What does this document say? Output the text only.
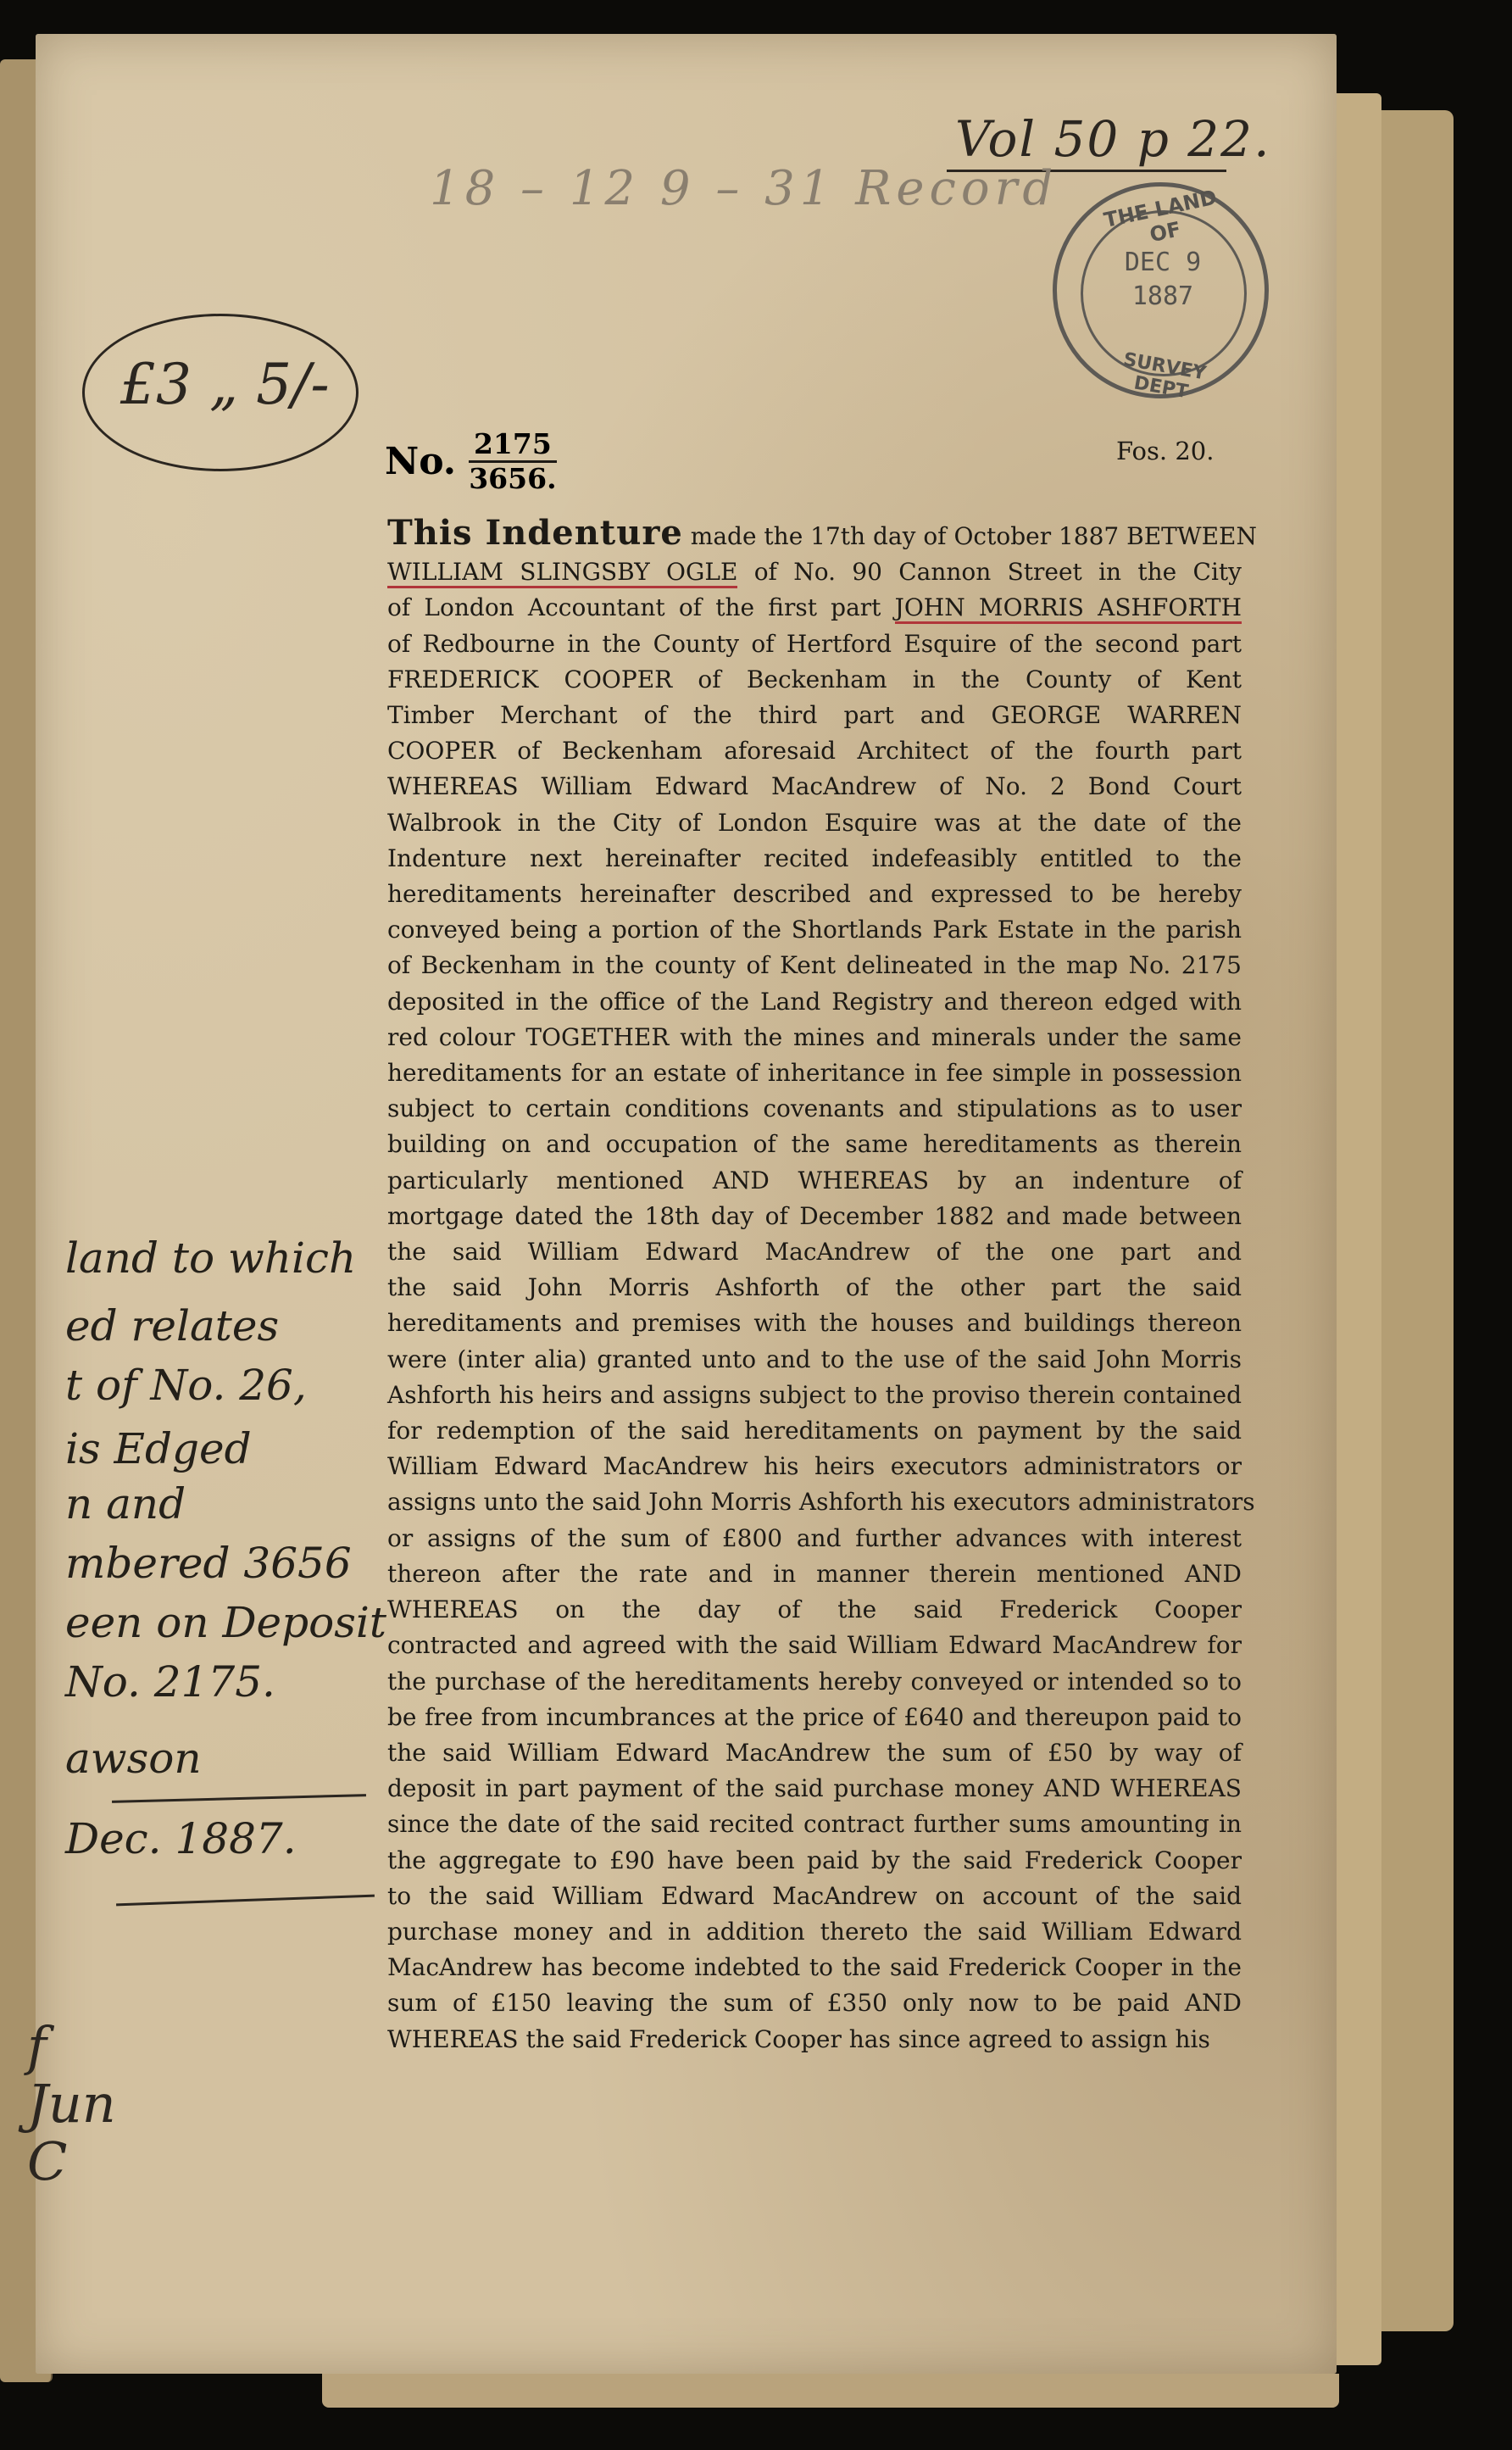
Vol 50 p 22.
18 – 12 9 – 31 Record
£3 „ 5/-
THE LAND OF
DEC 9
1887
SURVEY DEPT
No. $\frac{2175}{3656.}$	Fos. 20.
This Indenture made the 17th day of October 1887 BETWEEN
WILLIAM SLINGSBY OGLE of No. 90 Cannon Street in the City
of London Accountant of the first part JOHN MORRIS ASHFORTH
of Redbourne in the County of Hertford Esquire of the second part
FREDERICK COOPER of Beckenham in the County of Kent
Timber Merchant of the third part and GEORGE WARREN
COOPER of Beckenham aforesaid Architect of the fourth part
WHEREAS William Edward MacAndrew of No. 2 Bond Court
Walbrook in the City of London Esquire was at the date of the
Indenture next hereinafter recited indefeasibly entitled to the
hereditaments hereinafter described and expressed to be hereby
conveyed being a portion of the Shortlands Park Estate in the parish
of Beckenham in the county of Kent delineated in the map No. 2175
deposited in the office of the Land Registry and thereon edged with
red colour TOGETHER with the mines and minerals under the same
hereditaments for an estate of inheritance in fee simple in possession
subject to certain conditions covenants and stipulations as to user
building on and occupation of the same hereditaments as therein
particularly mentioned AND WHEREAS by an indenture of
mortgage dated the 18th day of December 1882 and made between
the said William Edward MacAndrew of the one part and
the said John Morris Ashforth of the other part the said
hereditaments and premises with the houses and buildings thereon
were (inter alia) granted unto and to the use of the said John Morris
Ashforth his heirs and assigns subject to the proviso therein contained
for redemption of the said hereditaments on payment by the said
William Edward MacAndrew his heirs executors administrators or
assigns unto the said John Morris Ashforth his executors administrators
or assigns of the sum of £800 and further advances with interest
thereon after the rate and in manner therein mentioned AND
WHEREAS on the day of the said Frederick Cooper
contracted and agreed with the said William Edward MacAndrew for
the purchase of the hereditaments hereby conveyed or intended so to
be free from incumbrances at the price of £640 and thereupon paid to
the said William Edward MacAndrew the sum of £50 by way of
deposit in part payment of the said purchase money AND WHEREAS
since the date of the said recited contract further sums amounting in
the aggregate to £90 have been paid by the said Frederick Cooper
to the said William Edward MacAndrew on account of the said
purchase money and in addition thereto the said William Edward
MacAndrew has become indebted to the said Frederick Cooper in the
sum of £150 leaving the sum of £350 only now to be paid AND
WHEREAS the said Frederick Cooper has since agreed to assign his
land to which
ed relates
t of No. 26,
is Edged
n and
mbered 3656
een on Deposit
No. 2175.
awson
Dec. 1887.
f
Jun
C
